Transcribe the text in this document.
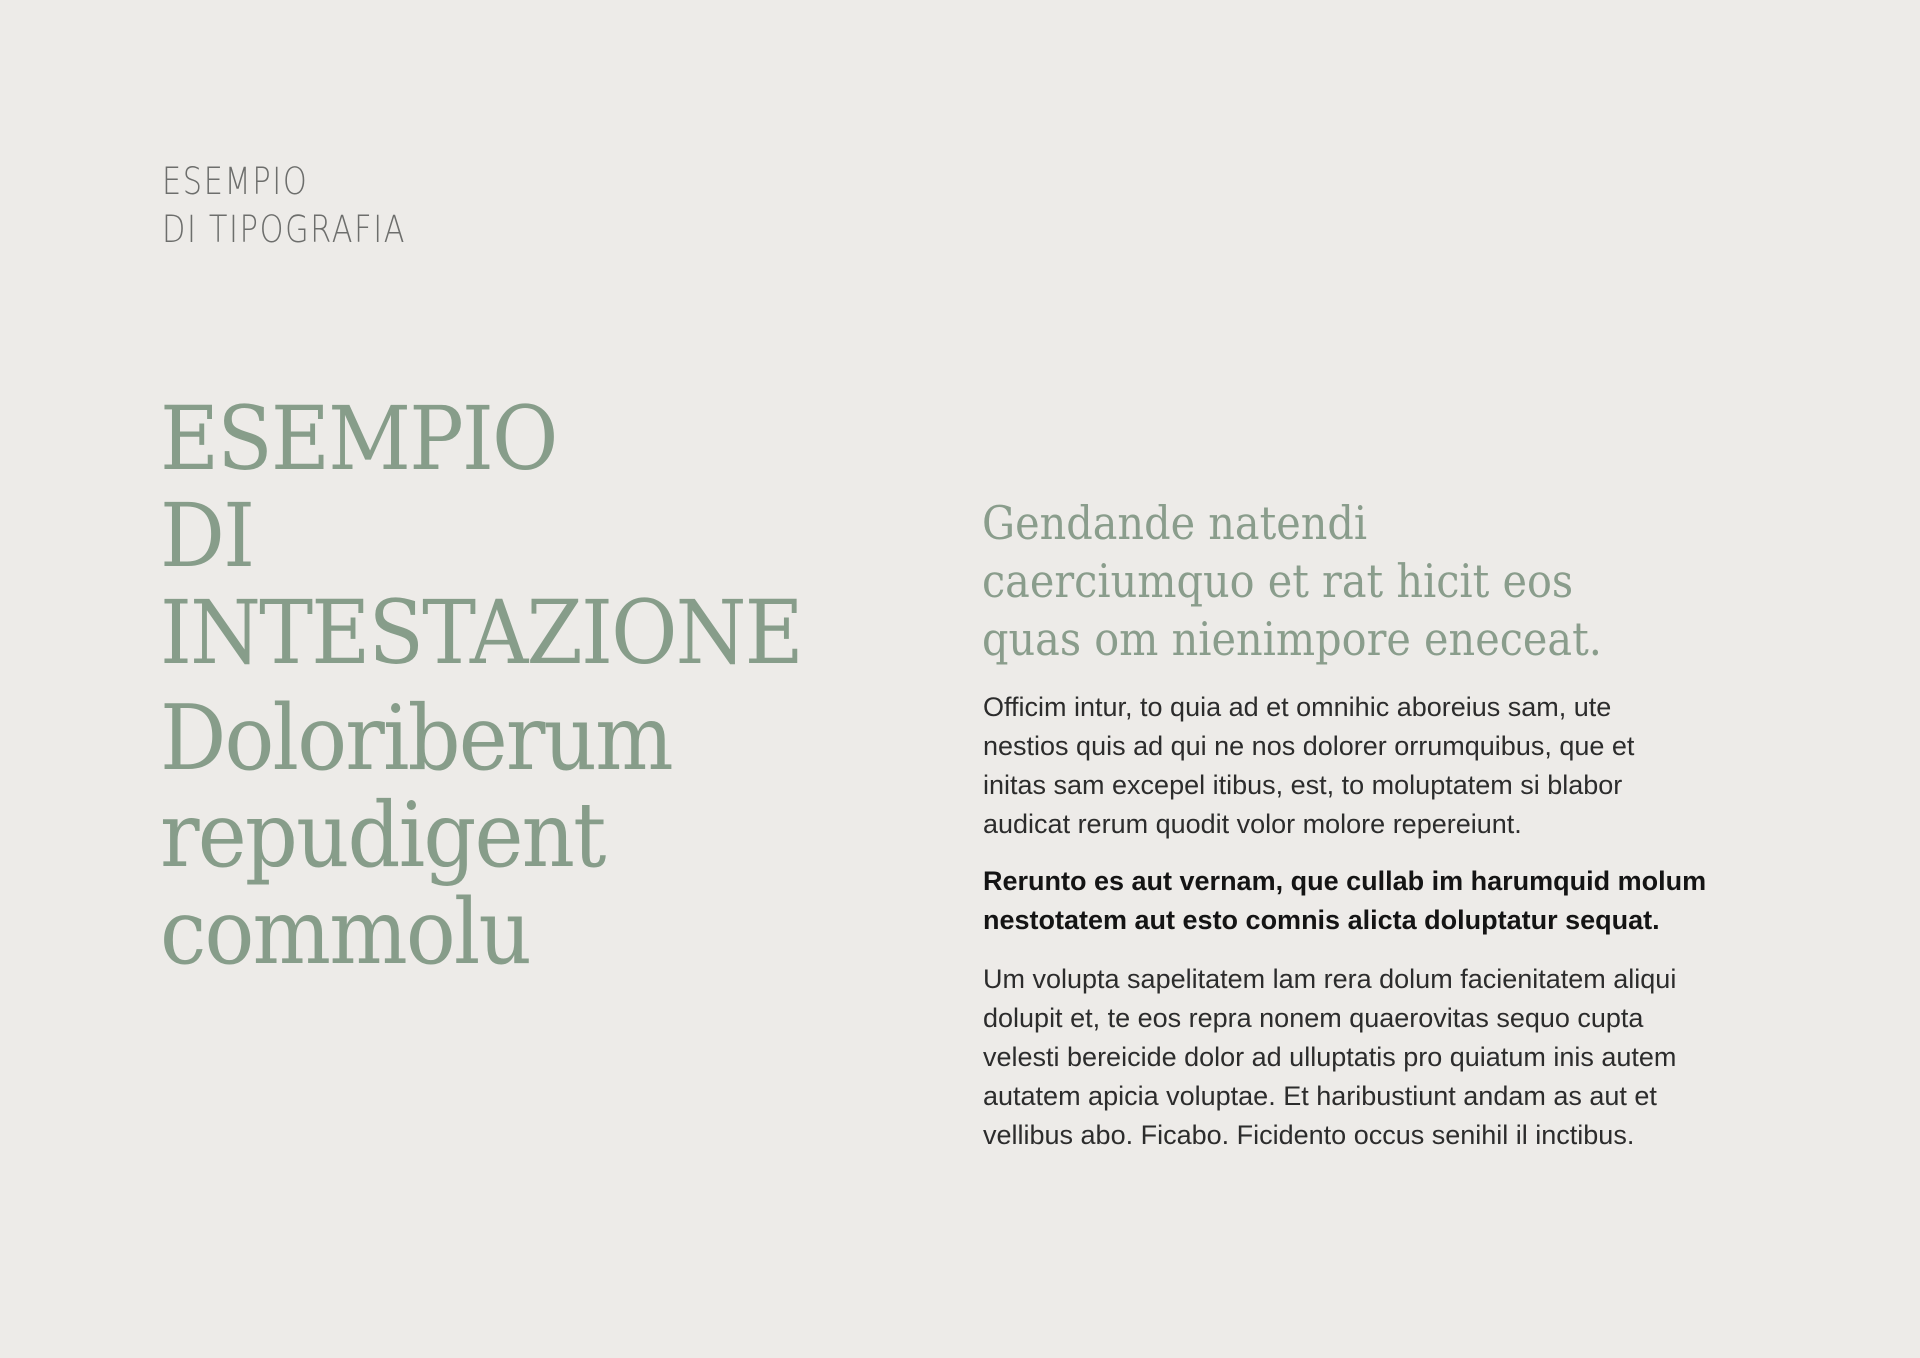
ESEMPIO
DI TIPOGRAFIA
ESEMPIO
DI
INTESTAZIONE
Doloriberum
repudigent
commolu
Gendande natendi
caerciumquo et rat hicit eos
quas om nienimpore eneceat.
Officim intur, to quia ad et omnihic aboreius sam, ute
nestios quis ad qui ne nos dolorer orrumquibus, que et
initas sam excepel itibus, est, to moluptatem si blabor
audicat rerum quodit volor molore repereiunt.
Rerunto es aut vernam, que cullab im harumquid molum
nestotatem aut esto comnis alicta doluptatur sequat.
Um volupta sapelitatem lam rera dolum facienitatem aliqui
dolupit et, te eos repra nonem quaerovitas sequo cupta
velesti bereicide dolor ad ulluptatis pro quiatum inis autem
autatem apicia voluptae. Et haribustiunt andam as aut et
vellibus abo. Ficabo. Ficidento occus senihil il inctibus.
